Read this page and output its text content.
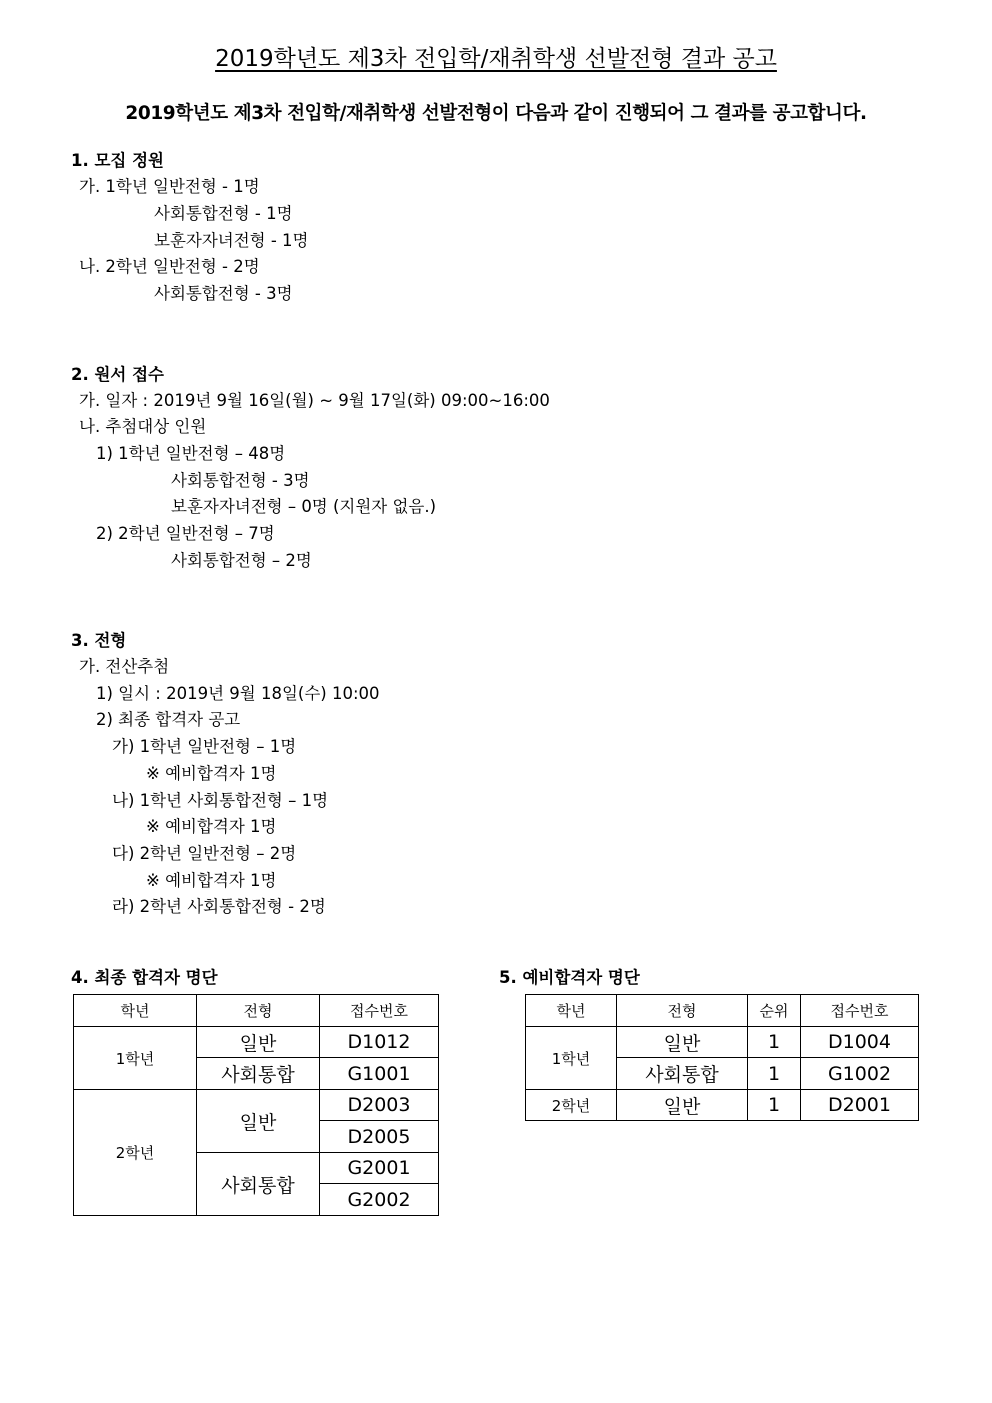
2019학년도 제3차 전입학/재취학생 선발전형 결과 공고
2019학년도 제3차 전입학/재취학생 선발전형이 다음과 같이 진행되어 그 결과를 공고합니다.
1. 모집 정원
가. 1학년 일반전형 - 1명
사회통합전형 - 1명
보훈자자녀전형 - 1명
나. 2학년 일반전형 - 2명
사회통합전형 - 3명
2. 원서 접수
가. 일자 : 2019년 9월 16일(월) ~ 9월 17일(화) 09:00~16:00
나. 추첨대상 인원
1) 1학년 일반전형 – 48명
사회통합전형 - 3명
보훈자자녀전형 – 0명 (지원자 없음.)
2) 2학년 일반전형 – 7명
사회통합전형 – 2명
3. 전형
가. 전산추첨
1) 일시 : 2019년 9월 18일(수) 10:00
2) 최종 합격자 공고
가) 1학년 일반전형 – 1명
※ 예비합격자 1명
나) 1학년 사회통합전형 – 1명
※ 예비합격자 1명
다) 2학년 일반전형 – 2명
※ 예비합격자 1명
라) 2학년 사회통합전형 - 2명
4. 최종 합격자 명단
학년	전형	접수번호
1학년	일반	D1012
	사회통합	G1001
2학년	일반	D2003
		D2005
	사회통합	G2001
		G2002
5. 예비합격자 명단
학년	전형	순위	접수번호
1학년	일반	1	D1004
	사회통합	1	G1002
2학년	일반	1	D2001
